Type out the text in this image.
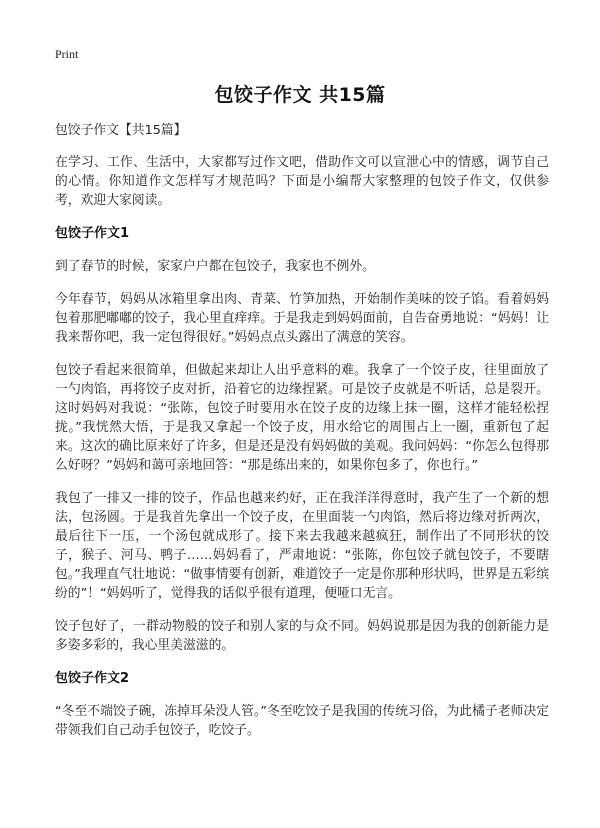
Print
包饺子作文 共15篇

包饺子作文【共15篇】

在学习、工作、生活中，大家都写过作文吧，借助作文可以宣泄心中的情感，调节自己的心情。你知道作文怎样写才规范吗？下面是小编帮大家整理的包饺子作文，仅供参考，欢迎大家阅读。

包饺子作文1

到了春节的时候，家家户户都在包饺子，我家也不例外。

今年春节，妈妈从冰箱里拿出肉、青菜、竹笋加热，开始制作美味的饺子馅。看着妈妈包着那肥嘟嘟的饺子，我心里直痒痒。于是我走到妈妈面前，自告奋勇地说：“妈妈！让我来帮你吧，我一定包得很好。”妈妈点点头露出了满意的笑容。

包饺子看起来很简单，但做起来却让人出乎意料的难。我拿了一个饺子皮，往里面放了一勺肉馅，再将饺子皮对折，沿着它的边缘捏紧。可是饺子皮就是不听话，总是裂开。这时妈妈对我说：“张陈，包饺子时要用水在饺子皮的边缘上抹一圈，这样才能轻松捏拢。”我恍然大悟，于是我又拿起一个饺子皮，用水给它的周围占上一圈，重新包了起来。这次的确比原来好了许多，但是还是没有妈妈做的美观。我问妈妈：“你怎么包得那么好呀？”妈妈和蔼可亲地回答：“那是练出来的，如果你包多了，你也行。”

我包了一排又一排的饺子，作品也越来约好，正在我洋洋得意时，我产生了一个新的想法，包汤圆。于是我首先拿出一个饺子皮，在里面装一勺肉馅，然后将边缘对折两次，最后往下一压，一个汤包就成形了。接下来去我越来越疯狂，制作出了不同形状的饺子，猴子、河马、鸭子……妈妈看了，严肃地说：“张陈，你包饺子就包饺子，不要瞎包。”我理直气壮地说：“做事情要有创新，难道饺子一定是你那种形状吗，世界是五彩缤纷的”！“妈妈听了，觉得我的话似乎很有道理，便哑口无言。

饺子包好了，一群动物般的饺子和别人家的与众不同。妈妈说那是因为我的创新能力是多姿多彩的，我心里美滋滋的。

包饺子作文2

“冬至不端饺子碗，冻掉耳朵没人管。”冬至吃饺子是我国的传统习俗，为此橘子老师决定带领我们自己动手包饺子，吃饺子。
